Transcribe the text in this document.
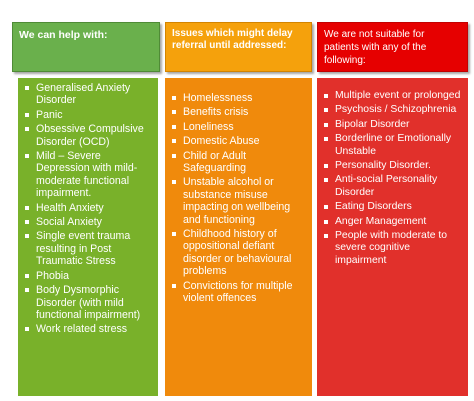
We can help with:	Issues which might delay referral until addressed:
We are not suitable for patients with any of the following:
Generalised Anxiety Disorder
Panic
Obsessive Compulsive Disorder (OCD)
Mild – Severe Depression with mild-moderate functional impairment.
Health Anxiety
Social Anxiety
Single event trauma resulting in Post Traumatic Stress
Phobia
Body Dysmorphic Disorder (with mild functional impairment)
Work related stress
Homelessness
Benefits crisis
Loneliness
Domestic Abuse
Child or Adult Safeguarding
Unstable alcohol or substance misuse impacting on wellbeing and functioning
Childhood history of oppositional defiant disorder or behavioural problems
Convictions for multiple violent offences
Multiple event or prolonged
Psychosis / Schizophrenia
Bipolar Disorder
Borderline or Emotionally Unstable
Personality Disorder.
Anti-social Personality Disorder
Eating Disorders
Anger Management
People with moderate to severe cognitive impairment
